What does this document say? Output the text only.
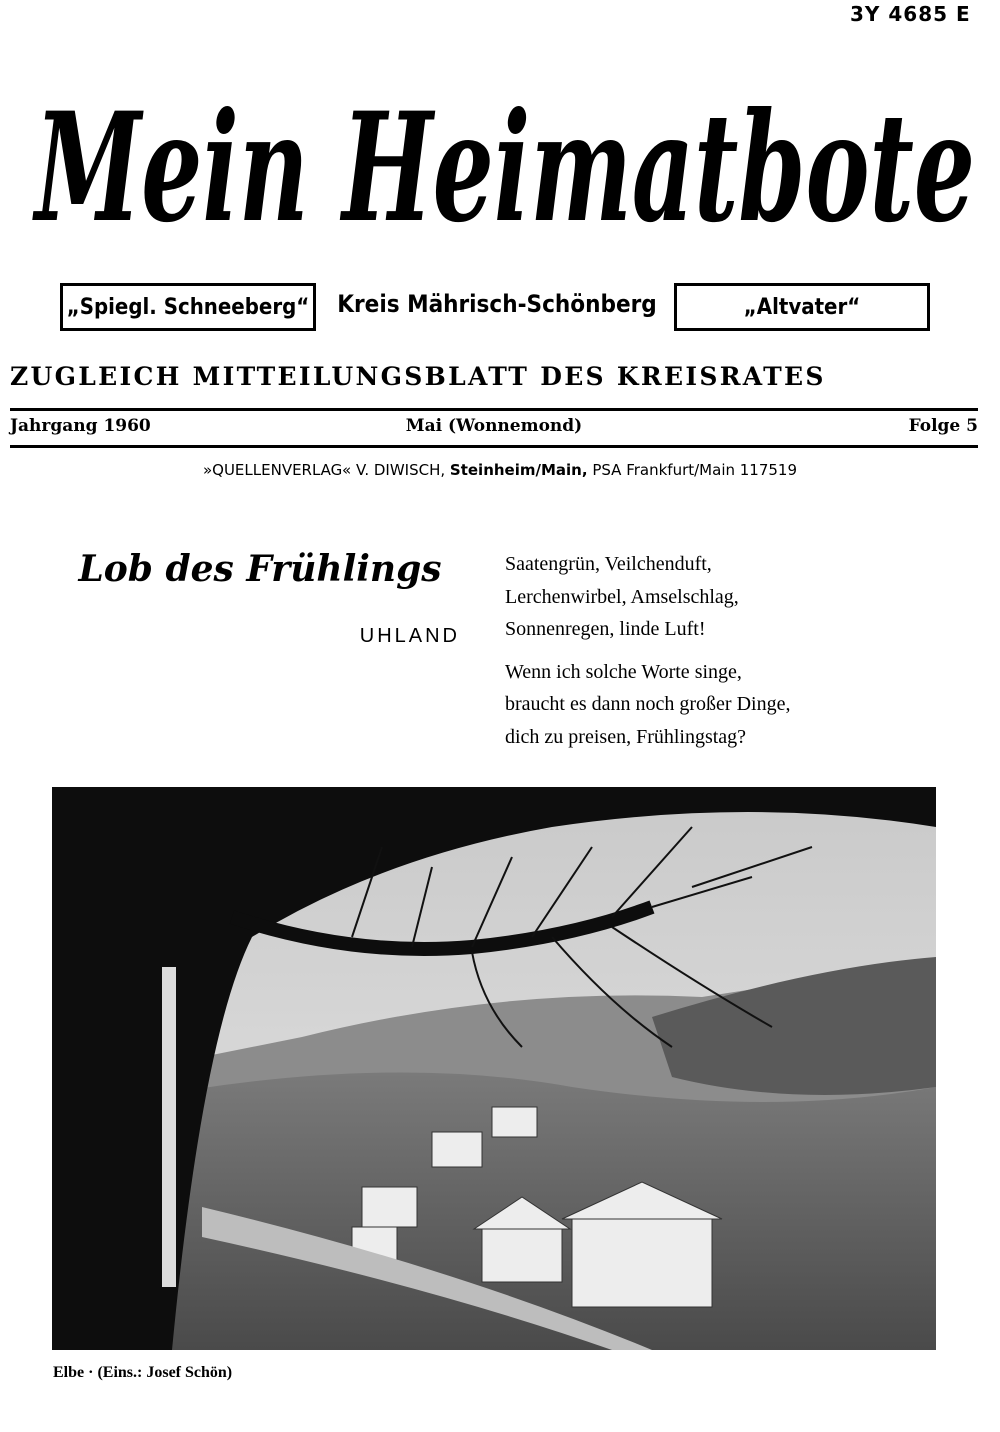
3Y 4685 E
Mein Heimatbote
„Spiegl. Schneeberg“	Kreis Mährisch-Schönberg	„Altvater“
ZUGLEICH MITTEILUNGSBLATT DES KREISRATES
Jahrgang 1960	Mai (Wonnemond)	Folge 5
»QUELLENVERLAG« V. DIWISCH, Steinheim/Main, PSA Frankfurt/Main 117519
Lob des Frühlings
UHLAND
Saatengrün, Veilchenduft,
Lerchenwirbel, Amselschlag,
Sonnenregen, linde Luft!
Wenn ich solche Worte singe,
braucht es dann noch großer Dinge,
dich zu preisen, Frühlingstag?
Elbe · (Eins.: Josef Schön)
